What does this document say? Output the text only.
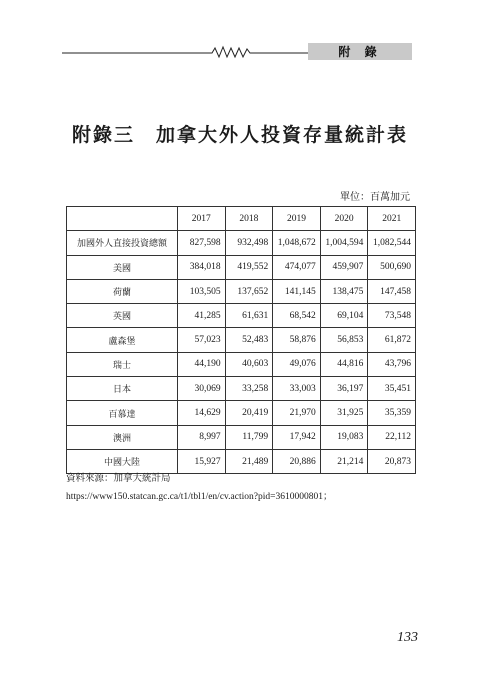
附 錄
附錄三　加拿大外人投資存量統計表
單位：百萬加元
	2017	2018	2019	2020	2021
加國外人直接投資總額	827,598	932,498	1,048,672	1,004,594	1,082,544
美國	384,018	419,552	474,077	459,907	500,690
荷蘭	103,505	137,652	141,145	138,475	147,458
英國	41,285	61,631	68,542	69,104	73,548
盧森堡	57,023	52,483	58,876	56,853	61,872
瑞士	44,190	40,603	49,076	44,816	43,796
日本	30,069	33,258	33,003	36,197	35,451
百慕達	14,629	20,419	21,970	31,925	35,359
澳洲	8,997	11,799	17,942	19,083	22,112
中國大陸	15,927	21,489	20,886	21,214	20,873
資料來源：加拿大統計局
https://www150.statcan.gc.ca/t1/tbl1/en/cv.action?pid=3610000801；
133
